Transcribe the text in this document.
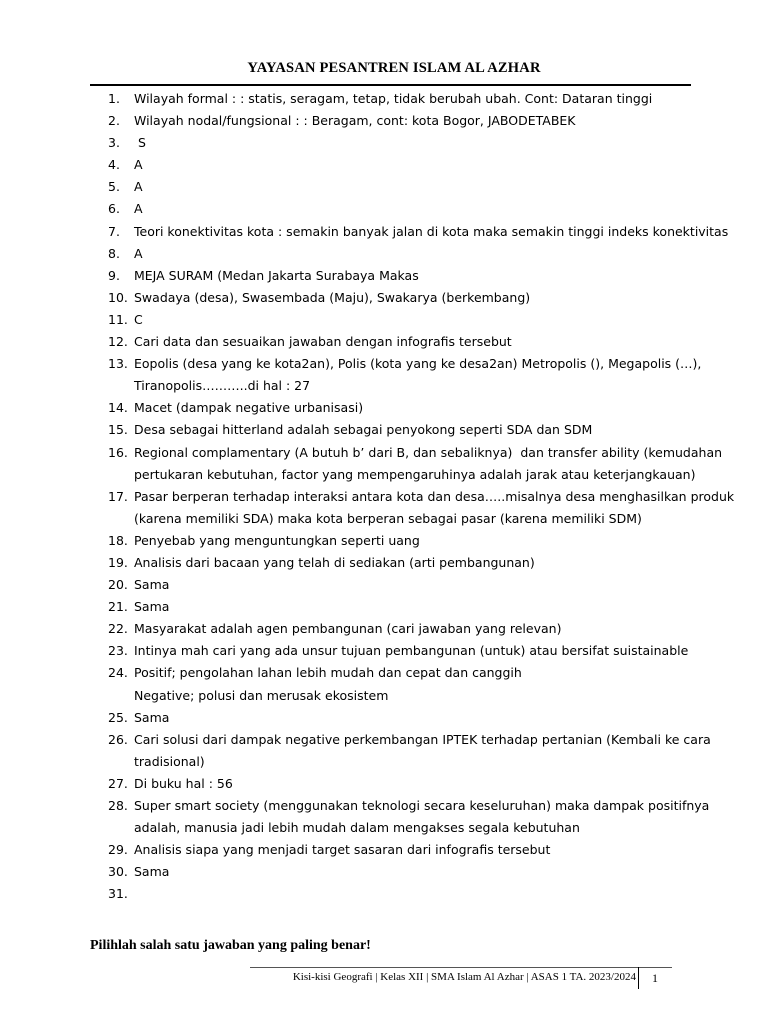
YAYASAN PESANTREN ISLAM AL AZHAR
1.	Wilayah formal : : statis, seragam, tetap, tidak berubah ubah. Cont: Dataran tinggi
2.	Wilayah nodal/fungsional : : Beragam, cont: kota Bogor, JABODETABEK
3.	S
4.	A
5.	A
6.	A
7.	Teori konektivitas kota : semakin banyak jalan di kota maka semakin tinggi indeks konektivitas
8.	A
9.	MEJA SURAM (Medan Jakarta Surabaya Makas
10. Swadaya (desa), Swasembada (Maju), Swakarya (berkembang)
11. C
12. Cari data dan sesuaikan jawaban dengan infografis tersebut
13. Eopolis (desa yang ke kota2an), Polis (kota yang ke desa2an) Metropolis (), Megapolis (…),
Tiranopolis………..di hal : 27
14. Macet (dampak negative urbanisasi)
15. Desa sebagai hitterland adalah sebagai penyokong seperti SDA dan SDM
16. Regional complamentary (A butuh b’ dari B, dan sebaliknya)  dan transfer ability (kemudahan
pertukaran kebutuhan, factor yang mempengaruhinya adalah jarak atau keterjangkauan)
17. Pasar berperan terhadap interaksi antara kota dan desa…..misalnya desa menghasilkan produk
(karena memiliki SDA) maka kota berperan sebagai pasar (karena memiliki SDM)
18. Penyebab yang menguntungkan seperti uang
19. Analisis dari bacaan yang telah di sediakan (arti pembangunan)
20. Sama
21. Sama
22. Masyarakat adalah agen pembangunan (cari jawaban yang relevan)
23. Intinya mah cari yang ada unsur tujuan pembangunan (untuk) atau bersifat suistainable
24. Positif; pengolahan lahan lebih mudah dan cepat dan canggih
Negative; polusi dan merusak ekosistem
25. Sama
26. Cari solusi dari dampak negative perkembangan IPTEK terhadap pertanian (Kembali ke cara
tradisional)
27. Di buku hal : 56
28. Super smart society (menggunakan teknologi secara keseluruhan) maka dampak positifnya
adalah, manusia jadi lebih mudah dalam mengakses segala kebutuhan
29. Analisis siapa yang menjadi target sasaran dari infografis tersebut
30. Sama
31.

Pilihlah salah satu jawaban yang paling benar!
Kisi-kisi Geografi | Kelas XII | SMA Islam Al Azhar | ASAS 1 TA. 2023/2024 1
